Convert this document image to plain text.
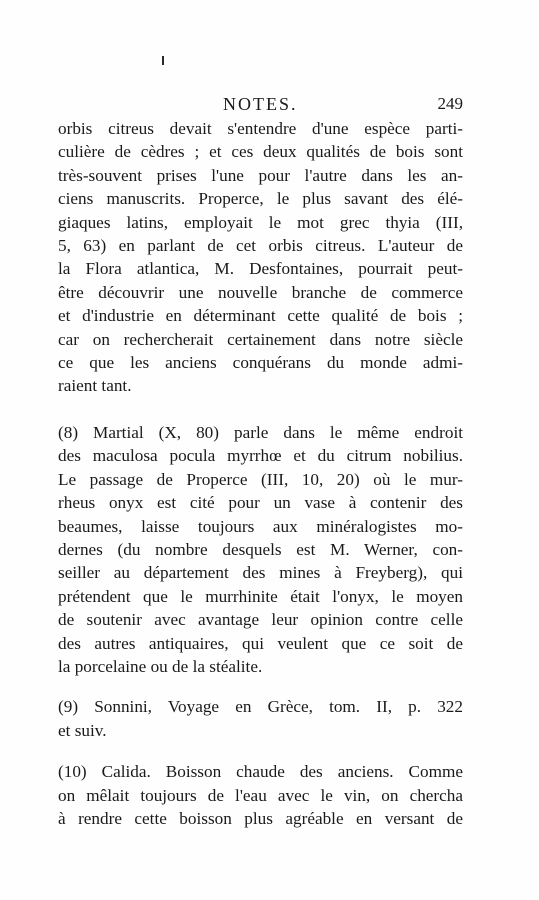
NOTES.	249
orbis citreus devait s'entendre d'une espèce parti-
culière de cèdres ; et ces deux qualités de bois sont
très-souvent prises l'une pour l'autre dans les an-
ciens manuscrits. Properce, le plus savant des élé-
giaques latins, employait le mot grec thyia (III,
5, 63) en parlant de cet orbis citreus. L'auteur de
la Flora atlantica, M. Desfontaines, pourrait peut-
être découvrir une nouvelle branche de commerce
et d'industrie en déterminant cette qualité de bois ;
car on rechercherait certainement dans notre siècle
ce que les anciens conquérans du monde admi-
raient tant.
(8) Martial (X, 80) parle dans le même endroit
des maculosa pocula myrrhœ et du citrum nobilius.
Le passage de Properce (III, 10, 20) où le mur-
rheus onyx est cité pour un vase à contenir des
beaumes, laisse toujours aux minéralogistes mo-
dernes (du nombre desquels est M. Werner, con-
seiller au département des mines à Freyberg), qui
prétendent que le murrhinite était l'onyx, le moyen
de soutenir avec avantage leur opinion contre celle
des autres antiquaires, qui veulent que ce soit de
la porcelaine ou de la stéalite.
(9) Sonnini, Voyage en Grèce, tom. II, p. 322
et suiv.
(10) Calida. Boisson chaude des anciens. Comme
on mêlait toujours de l'eau avec le vin, on chercha
à rendre cette boisson plus agréable en versant de
